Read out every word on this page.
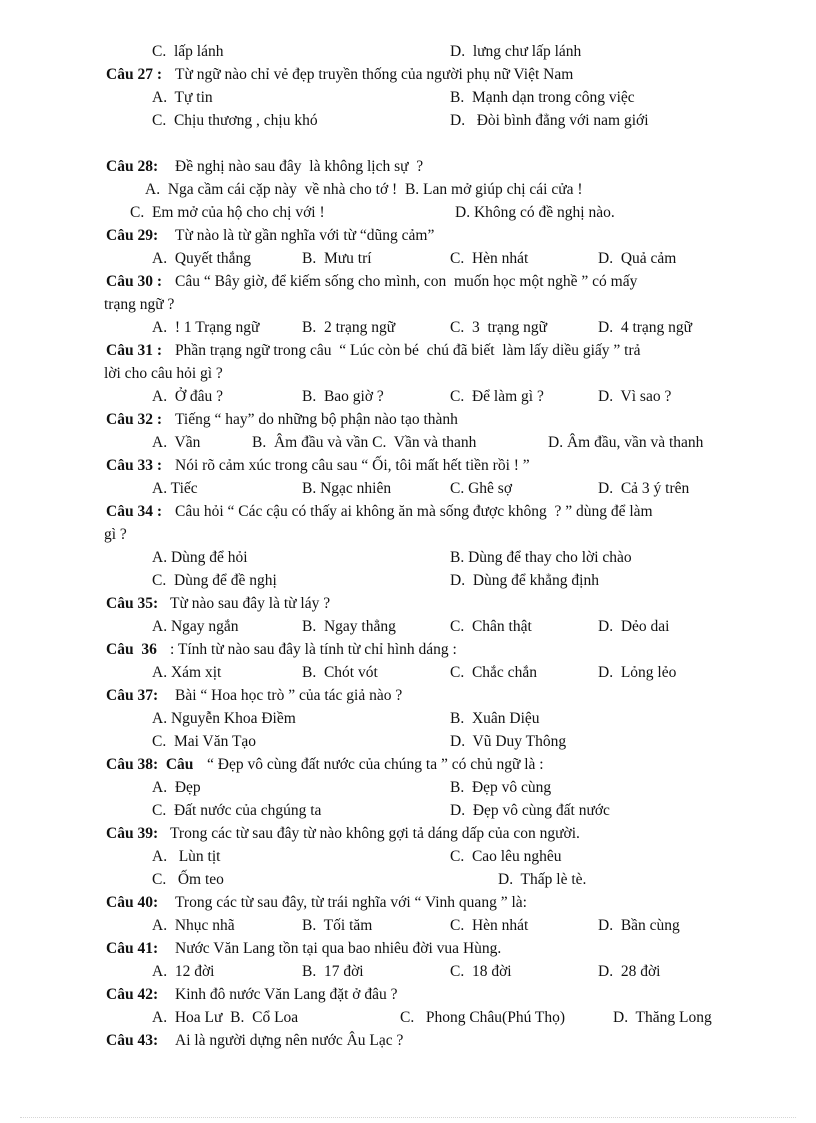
C.  lấp lánh	D.  lưng chư lấp lánh
Câu 27 : Từ ngữ nào chỉ vẻ đẹp truyền thống của người phụ nữ Việt Nam
A.  Tự tin	B.  Mạnh dạn trong công việc
C.  Chịu thương , chịu khó	D.   Đòi bình đẳng với nam giới
Câu 28: Đề nghị nào sau đây  là không lịch sự  ?
A.  Nga cầm cái cặp này  về nhà cho tớ !  B. Lan mở giúp chị cái cửa !
C.  Em mở của hộ cho chị với !	D. Không có đề nghị nào.
Câu 29: Từ nào là từ gần nghĩa với từ “dũng cảm”
A.  Quyết thắng	B.  Mưu trí	C.  Hèn nhát	D.  Quả cảm
Câu 30 : Câu “ Bây giờ, để kiếm sống cho mình, con  muốn học một nghề ” có mấy
trạng ngữ ?
A.  ! 1 Trạng ngữ	B.  2 trạng ngữ	C.  3  trạng ngữ	D.  4 trạng ngữ
Câu 31 : Phần trạng ngữ trong câu  “ Lúc còn bé  chú đã biết  làm lấy diều giấy ” trả
lời cho câu hỏi gì ?
A.  Ở đâu ?	B.  Bao giờ ?	C.  Để làm gì ?	D.  Vì sao ?
Câu 32 : Tiếng “ hay” do những bộ phận nào tạo thành
A.  Vần	B.  Âm đầu và vần C.  Vần và thanh	D. Âm đầu, vần và thanh
Câu 33 : Nói rõ cảm xúc trong câu sau “ Ối, tôi mất hết tiền rồi ! ”
A. Tiếc	B. Ngạc nhiên	C. Ghê sợ	D.  Cả 3 ý trên
Câu 34 : Câu hỏi “ Các cậu có thấy ai không ăn mà sống được không  ? ” dùng để làm
gì ?
A. Dùng để hỏi	B. Dùng để thay cho lời chào
C.  Dùng để đề nghị	D.  Dùng để khẳng định
Câu 35: Từ nào sau đây là từ láy ?
A. Ngay ngắn	B.  Ngay thẳng	C.  Chân thật	D.  Dẻo dai
Câu  36 : Tính từ nào sau đây là tính từ chỉ hình dáng :
A. Xám xịt	B.  Chót vót	C.  Chắc chắn	D.  Lỏng lẻo
Câu 37: Bài “ Hoa học trò ” của tác giả nào ?
A. Nguyễn Khoa Điềm	B.  Xuân Diệu
C.  Mai Văn Tạo	D.  Vũ Duy Thông
Câu 38:  Câu “ Đẹp vô cùng đất nước của chúng ta ” có chủ ngữ là :
A.  Đẹp	B.  Đẹp vô cùng
C.  Đất nước của chgúng ta	D.  Đẹp vô cùng đất nước
Câu 39: Trong các từ sau đây từ nào không gợi tả dáng dấp của con người.
A.   Lùn tịt	C.  Cao lêu nghêu
C.   Ốm teo	D.  Thấp lè tè.
Câu 40: Trong các từ sau đây, từ trái nghĩa với “ Vinh quang ” là:
A.  Nhục nhã	B.  Tối tăm	C.  Hèn nhát	D.  Bần cùng
Câu 41: Nước Văn Lang tồn tại qua bao nhiêu đời vua Hùng.
A.  12 đời	B.  17 đời	C.  18 đời	D.  28 đời
Câu 42: Kinh đô nước Văn Lang đặt ở đâu ?
A.  Hoa Lư  B.  Cổ Loa	C.   Phong Châu(Phú Thọ)	D.  Thăng Long
Câu 43: Ai là người dựng nên nước Âu Lạc ?
